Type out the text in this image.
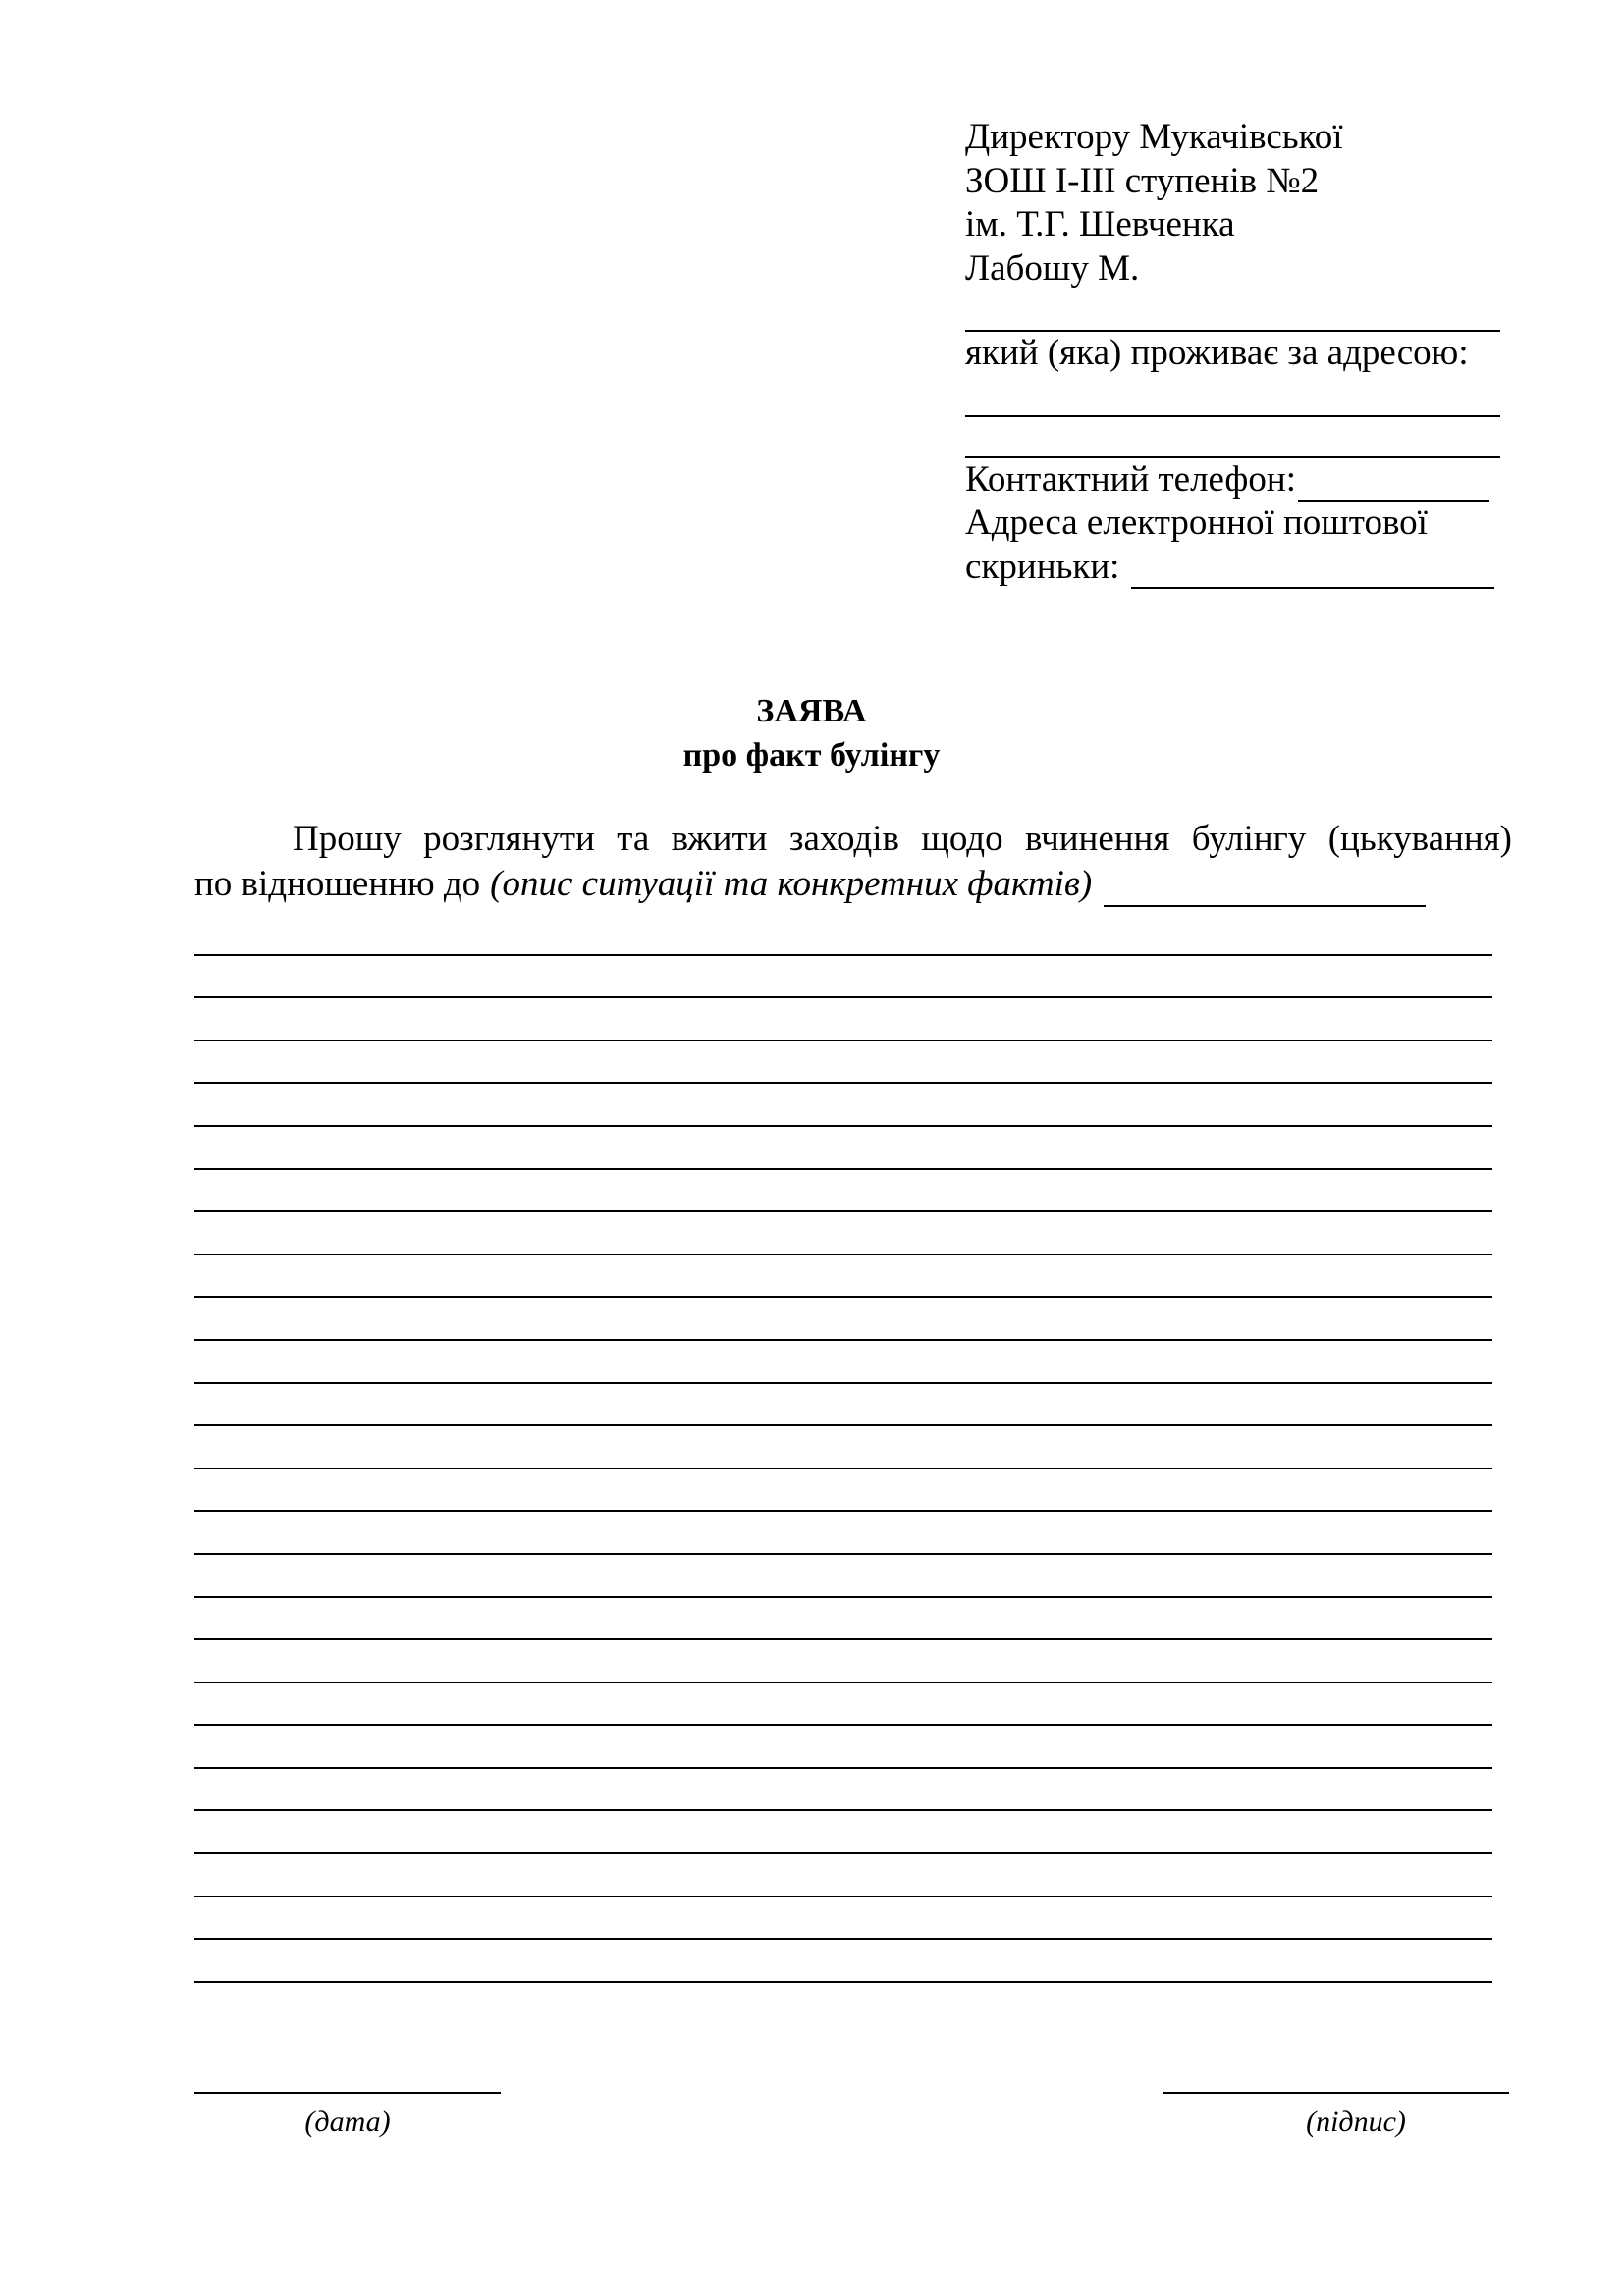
Директору Мукачівської
ЗОШ І-ІІІ ступенів №2
ім. Т.Г. Шевченка
Лабошу М.
який (яка) проживає за адресою:
Контактний телефон:
Адреса електронної поштової
скриньки:
ЗАЯВА
про факт булінгу

Прошу розглянути та вжити заходів щодо вчинення булінгу (цькування)

по відношенню до (опис ситуації та конкретних фактів)
(дата)	(підпис)
